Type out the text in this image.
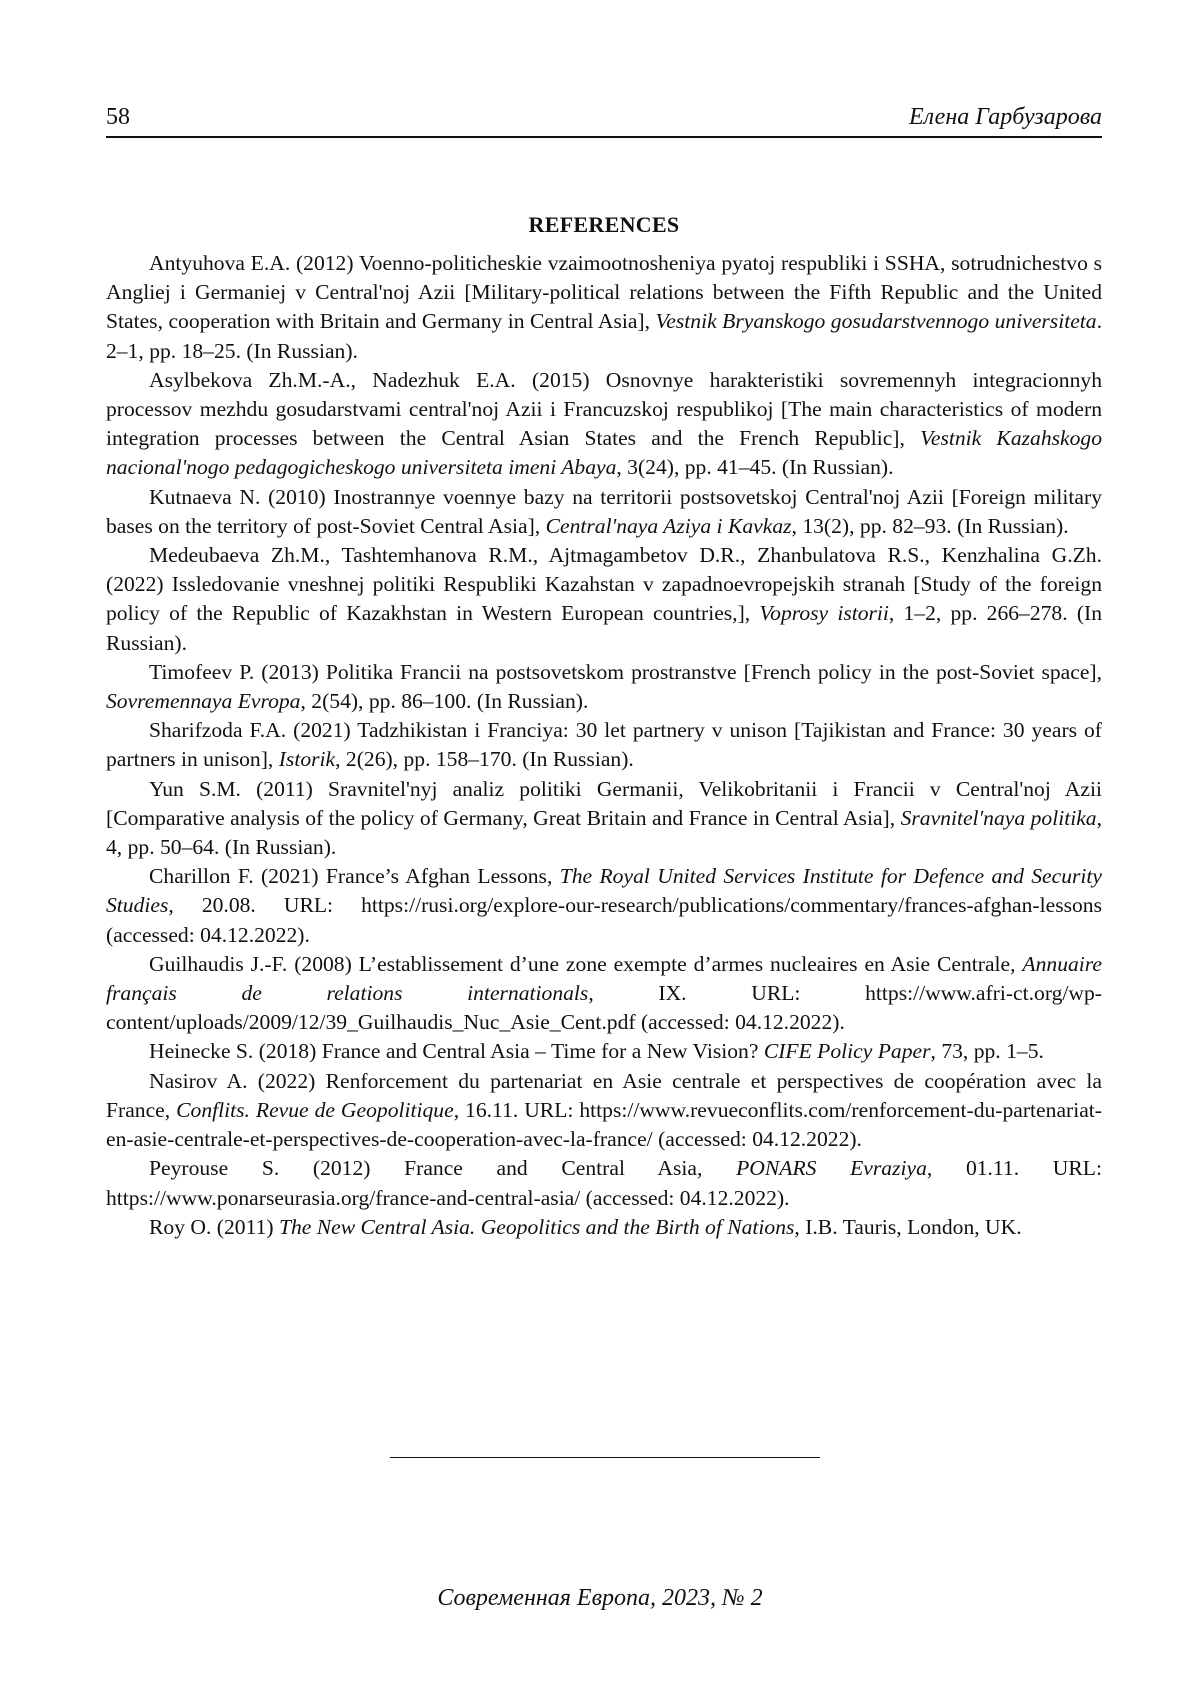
58	Елена Гарбузарова
REFERENCES

Antyuhova E.A. (2012) Voenno-politicheskie vzaimootnosheniya pyatoj respubliki i SSHA, sotrudnichestvo s Angliej i Germaniej v Central'noj Azii [Military-political relations between the Fifth Republic and the United States, cooperation with Britain and Germany in Central Asia], Vestnik Bryanskogo gosudarstvennogo universiteta. 2–1, pp. 18–25. (In Russian).

Asylbekova Zh.M.-A., Nadezhuk E.A. (2015) Osnovnye harakteristiki sovremennyh integracionnyh processov mezhdu gosudarstvami central'noj Azii i Francuzskoj respublikoj [The main characteristics of modern integration processes between the Central Asian States and the French Republic], Vestnik Kazahskogo nacional'nogo pedagogicheskogo universiteta imeni Abaya, 3(24), pp. 41–45. (In Russian).

Kutnaeva N. (2010) Inostrannye voennye bazy na territorii postsovetskoj Central'noj Azii [Foreign military bases on the territory of post-Soviet Central Asia], Central'naya Aziya i Kavkaz, 13(2), pp. 82–93. (In Russian).

Medeubaeva Zh.M., Tashtemhanova R.M., Ajtmagambetov D.R., Zhanbulatova R.S., Kenzhalina G.Zh. (2022) Issledovanie vneshnej politiki Respubliki Kazahstan v zapadnoevropejskih stranah [Study of the foreign policy of the Republic of Kazakhstan in Western European countries,], Voprosy istorii, 1–2, pp. 266–278. (In Russian).

Timofeev P. (2013) Politika Francii na postsovetskom prostranstve [French policy in the post-Soviet space], Sovremennaya Evropa, 2(54), pp. 86–100. (In Russian).

Sharifzoda F.A. (2021) Tadzhikistan i Franciya: 30 let partnery v unison [Tajikistan and France: 30 years of partners in unison], Istorik, 2(26), pp. 158–170. (In Russian).

Yun S.M. (2011) Sravnitel'nyj analiz politiki Germanii, Velikobritanii i Francii v Central'noj Azii [Comparative analysis of the policy of Germany, Great Britain and France in Central Asia], Sravnitel'naya politika, 4, pp. 50–64. (In Russian).

Charillon F. (2021) France’s Afghan Lessons, The Royal United Services Institute for Defence and Security Studies, 20.08. URL: https://rusi.org/explore-our-research/publications/commentary/frances-afghan-lessons (accessed: 04.12.2022).

Guilhaudis J.-F. (2008) L’establissement d’une zone exempte d’armes nucleaires en Asie Centrale, Annuaire français de relations internationals, IX. URL: https://www.afri-ct.org/wp-content/uploads/2009/12/39_Guilhaudis_Nuc_Asie_Cent.pdf (accessed: 04.12.2022).

Heinecke S. (2018) France and Central Asia – Time for a New Vision? CIFE Policy Paper, 73, pp. 1–5.

Nasirov A. (2022) Renforcement du partenariat en Asie centrale et perspectives de coopération avec la France, Conflits. Revue de Geopolitique, 16.11. URL: https://www.revueconflits.com/renforcement-du-partenariat-en-asie-centrale-et-perspectives-de-cooperation-avec-la-france/ (accessed: 04.12.2022).

Peyrouse S. (2012) France and Central Asia, PONARS Evraziya, 01.11. URL: https://www.ponarseurasia.org/france-and-central-asia/ (accessed: 04.12.2022).

Roy O. (2011) The New Central Asia. Geopolitics and the Birth of Nations, I.B. Tauris, London, UK.

Современная Европа, 2023, № 2
